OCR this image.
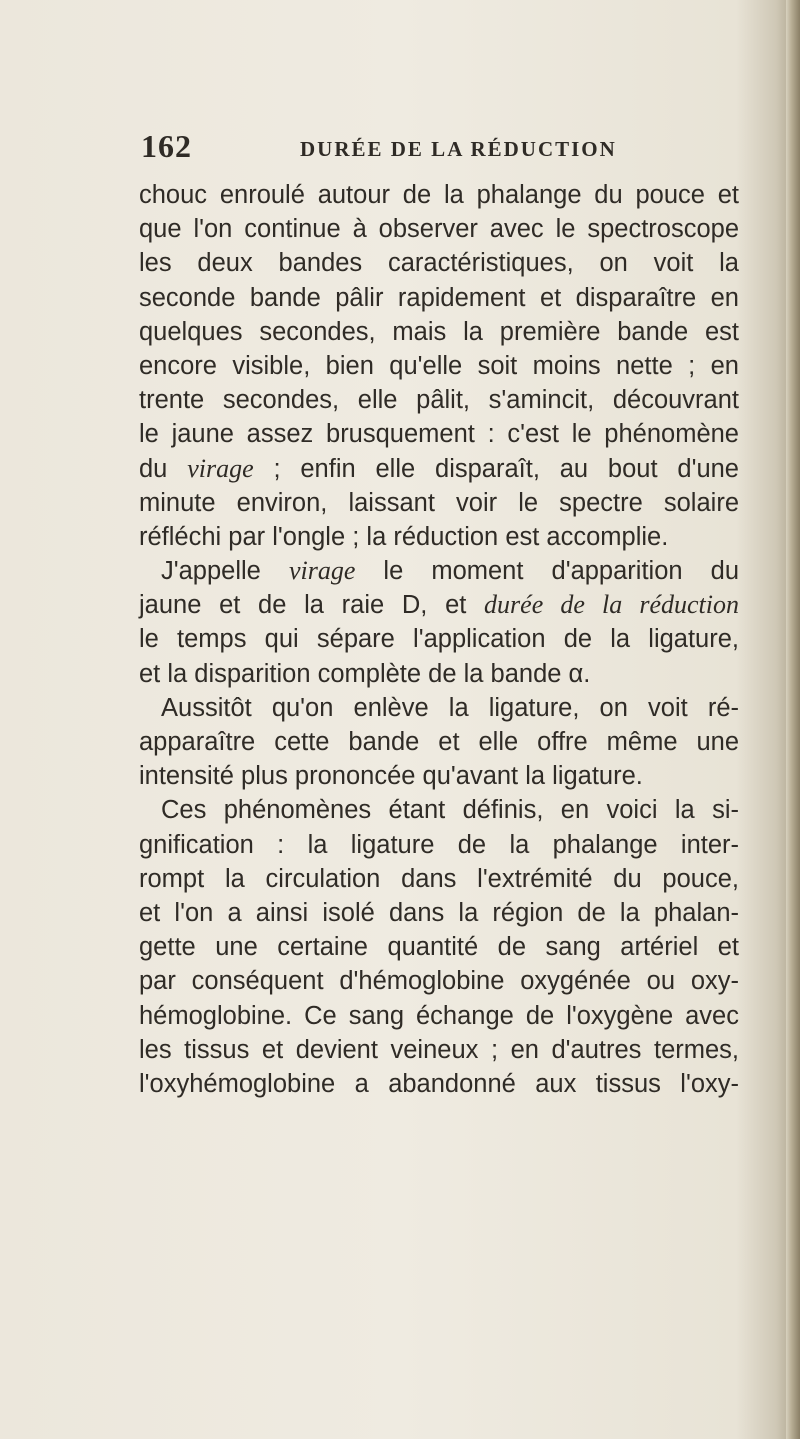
162	DURÉE DE LA RÉDUCTION
chouc enroulé autour de la phalange du pouce et
que l'on continue à observer avec le spectroscope
les deux bandes caractéristiques, on voit la
seconde bande pâlir rapidement et disparaître en
quelques secondes, mais la première bande est
encore visible, bien qu'elle soit moins nette ; en
trente secondes, elle pâlit, s'amincit, découvrant
le jaune assez brusquement : c'est le phénomène
du virage ; enfin elle disparaît, au bout d'une
minute environ, laissant voir le spectre solaire
réfléchi par l'ongle ; la réduction est accomplie.
J'appelle virage le moment d'apparition du
jaune et de la raie D, et durée de la réduction
le temps qui sépare l'application de la ligature,
et la disparition complète de la bande α.
Aussitôt qu'on enlève la ligature, on voit ré-
apparaître cette bande et elle offre même une
intensité plus prononcée qu'avant la ligature.
Ces phénomènes étant définis, en voici la si-
gnification : la ligature de la phalange inter-
rompt la circulation dans l'extrémité du pouce,
et l'on a ainsi isolé dans la région de la phalan-
gette une certaine quantité de sang artériel et
par conséquent d'hémoglobine oxygénée ou oxy-
hémoglobine. Ce sang échange de l'oxygène avec
les tissus et devient veineux ; en d'autres termes,
l'oxyhémoglobine a abandonné aux tissus l'oxy-
